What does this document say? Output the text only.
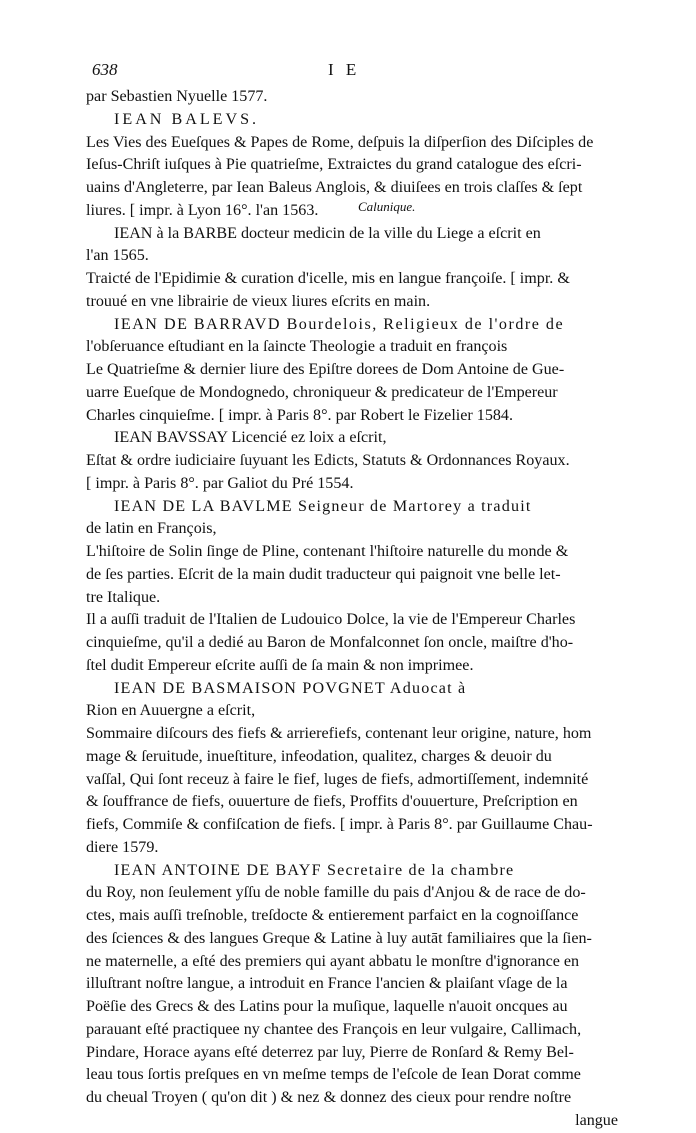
638	I E
Calunique.
par Sebastien Nyuelle 1577.
IEAN BALEVS.
Les Vies des Eueſques & Papes de Rome, deſpuis la diſperſion des Diſciples de
Ieſus-Chriſt iuſques à Pie quatrieſme, Extraictes du grand catalogue des eſcri-
uains d'Angleterre, par Iean Baleus Anglois, & diuiſees en trois claſſes & ſept
liures. [ impr. à Lyon 16°. l'an 1563.
IEAN à la BARBE docteur medicin de la ville du Liege a eſcrit en
l'an 1565.
Traicté de l'Epidimie & curation d'icelle, mis en langue françoiſe. [ impr. &
trouué en vne librairie de vieux liures eſcrits en main.
IEAN DE BARRAVD Bourdelois, Religieux de l'ordre de
l'obſeruance eſtudiant en la ſaincte Theologie a traduit en françois
Le Quatrieſme & dernier liure des Epiſtre dorees de Dom Antoine de Gue-
uarre Eueſque de Mondognedo, chroniqueur & predicateur de l'Empereur
Charles cinquieſme. [ impr. à Paris 8°. par Robert le Fizelier 1584.
IEAN BAVSSAY Licencié ez loix a eſcrit,
Eſtat & ordre iudiciaire ſuyuant les Edicts, Statuts & Ordonnances Royaux.
[ impr. à Paris 8°. par Galiot du Pré 1554.
IEAN DE LA BAVLME Seigneur de Martorey a traduit
de latin en François,
L'hiſtoire de Solin ſinge de Pline, contenant l'hiſtoire naturelle du monde &
de ſes parties. Eſcrit de la main dudit traducteur qui paignoit vne belle let-
tre Italique.
Il a auſſi traduit de l'Italien de Ludouico Dolce, la vie de l'Empereur Charles
cinquieſme, qu'il a dedié au Baron de Monfalconnet ſon oncle, maiſtre d'ho-
ſtel dudit Empereur eſcrite auſſi de ſa main & non imprimee.
IEAN DE BASMAISON POVGNET Aduocat à
Rion en Auuergne a eſcrit,
Sommaire diſcours des fiefs & arrierefiefs, contenant leur origine, nature, hom
mage & ſeruitude, inueſtiture, infeodation, qualitez, charges & deuoir du
vaſſal, Qui ſont receuz à faire le fief, luges de fiefs, admortiſſement, indemnité
& ſouffrance de fiefs, ouuerture de fiefs, Proffits d'ouuerture, Preſcription en
fiefs, Commiſe & confiſcation de fiefs. [ impr. à Paris 8°. par Guillaume Chau-
diere 1579.
IEAN ANTOINE DE BAYF Secretaire de la chambre
du Roy, non ſeulement yſſu de noble famille du pais d'Anjou & de race de do-
ctes, mais auſſi treſnoble, treſdocte & entierement parfaict en la cognoiſſance
des ſciences & des langues Greque & Latine à luy autāt familiaires que la ſien-
ne maternelle, a eſté des premiers qui ayant abbatu le monſtre d'ignorance en
illuſtrant noſtre langue, a introduit en France l'ancien & plaiſant vſage de la
Poëſie des Grecs & des Latins pour la muſique, laquelle n'auoit oncques au
parauant eſté practiquee ny chantee des François en leur vulgaire, Callimach,
Pindare, Horace ayans eſté deterrez par luy, Pierre de Ronſard & Remy Bel-
leau tous ſortis preſques en vn meſme temps de l'eſcole de Iean Dorat comme
du cheual Troyen ( qu'on dit ) & nez & donnez des cieux pour rendre noſtre
langue
